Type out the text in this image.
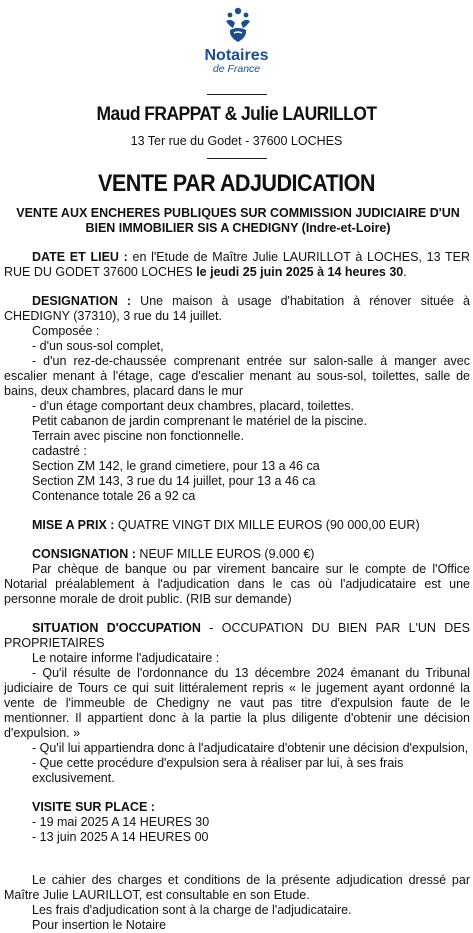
Notaires
de France
Maud FRAPPAT & Julie LAURILLOT
13 Ter rue du Godet - 37600 LOCHES
VENTE PAR ADJUDICATION
VENTE AUX ENCHERES PUBLIQUES SUR COMMISSION JUDICIAIRE D'UN
BIEN IMMOBILIER SIS A CHEDIGNY (Indre-et-Loire)

DATE ET LIEU : en l'Etude de Maître Julie LAURILLOT à LOCHES, 13 TER RUE DU GODET 37600 LOCHES le jeudi 25 juin 2025 à 14 heures 30.

DESIGNATION : Une maison à usage d'habitation à rénover située à CHEDIGNY (37310), 3 rue du 14 juillet.

Composée :

- d'un sous-sol complet,

- d'un rez-de-chaussée comprenant entrée sur salon-salle à manger avec escalier menant à l'étage, cage d'escalier menant au sous-sol, toilettes, salle de bains, deux chambres, placard dans le mur

- d'un étage comportant deux chambres, placard, toilettes.

Petit cabanon de jardin comprenant le matériel de la piscine.

Terrain avec piscine non fonctionnelle.

cadastré :

Section ZM 142, le grand cimetiere, pour 13 a 46 ca

Section ZM 143, 3 rue du 14 juillet, pour 13 a 46 ca

Contenance totale 26 a 92 ca

MISE A PRIX : QUATRE VINGT DIX MILLE EUROS (90 000,00 EUR)

CONSIGNATION : NEUF MILLE EUROS (9.000 €)

Par chèque de banque ou par virement bancaire sur le compte de l'Office Notarial préalablement à l'adjudication dans le cas où l'adjudicataire est une personne morale de droit public. (RIB sur demande)

SITUATION D'OCCUPATION - OCCUPATION DU BIEN PAR L'UN DES PROPRIETAIRES

Le notaire informe l'adjudicataire :

- Qu'il résulte de l'ordonnance du 13 décembre 2024 émanant du Tribunal judiciaire de Tours ce qui suit littéralement repris « le jugement ayant ordonné la vente de l'immeuble de Chedigny ne vaut pas titre d'expulsion faute de le mentionner. Il appartient donc à la partie la plus diligente d'obtenir une décision d'expulsion. »

- Qu'il lui appartiendra donc à l'adjudicataire d'obtenir une décision d'expulsion,

- Que cette procédure d'expulsion sera à réaliser par lui, à ses frais exclusivement.

VISITE SUR PLACE :

- 19 mai 2025 A 14 HEURES 30

- 13 juin 2025 A 14 HEURES 00

Le cahier des charges et conditions de la présente adjudication dressé par Maître Julie LAURILLOT, est consultable en son Etude.

Les frais d'adjudication sont à la charge de l'adjudicataire.

Pour insertion le Notaire
